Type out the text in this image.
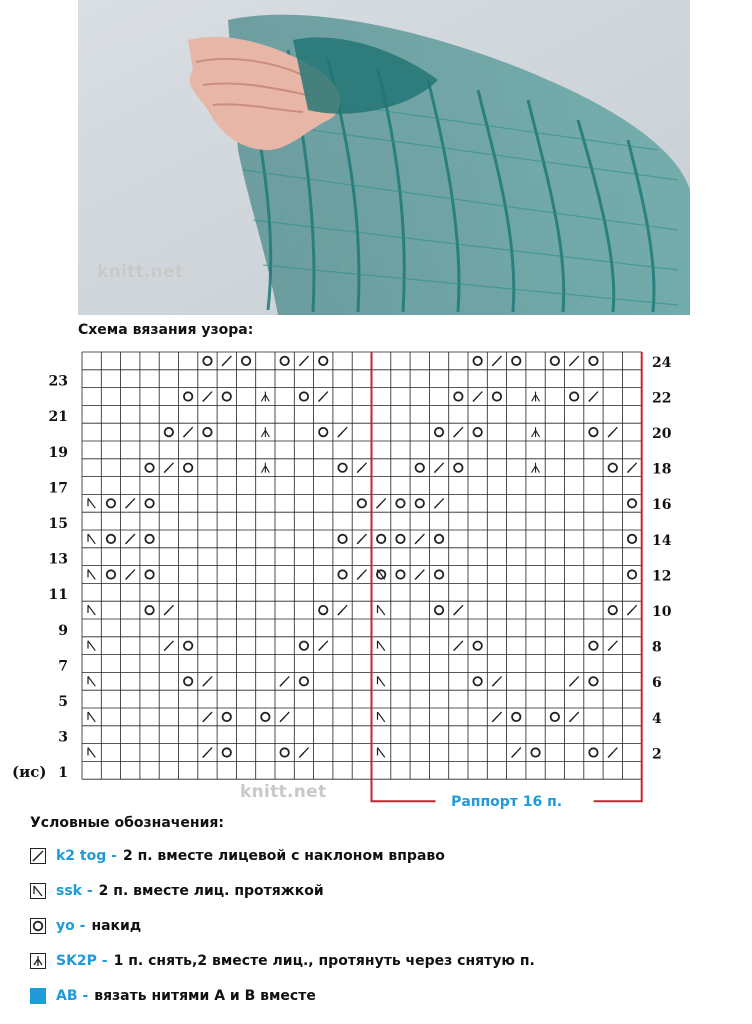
knitt.net
Схема вязания узора:
23
21
19
17
15
13
11
9
7
5
3
1
24
22
20
18
16
14
12
10
8
6
4
2
(ис)
Раппорт 16 п.
knitt.net
Условные обозначения:
k2 tog - 2 п. вместе лицевой с наклоном вправо
ssk - 2 п. вместе лиц. протяжкой
yo - накид
SK2P - 1 п. снять,2 вместе лиц., протянуть через снятую п.
АВ - вязать нитями А и В вместе
